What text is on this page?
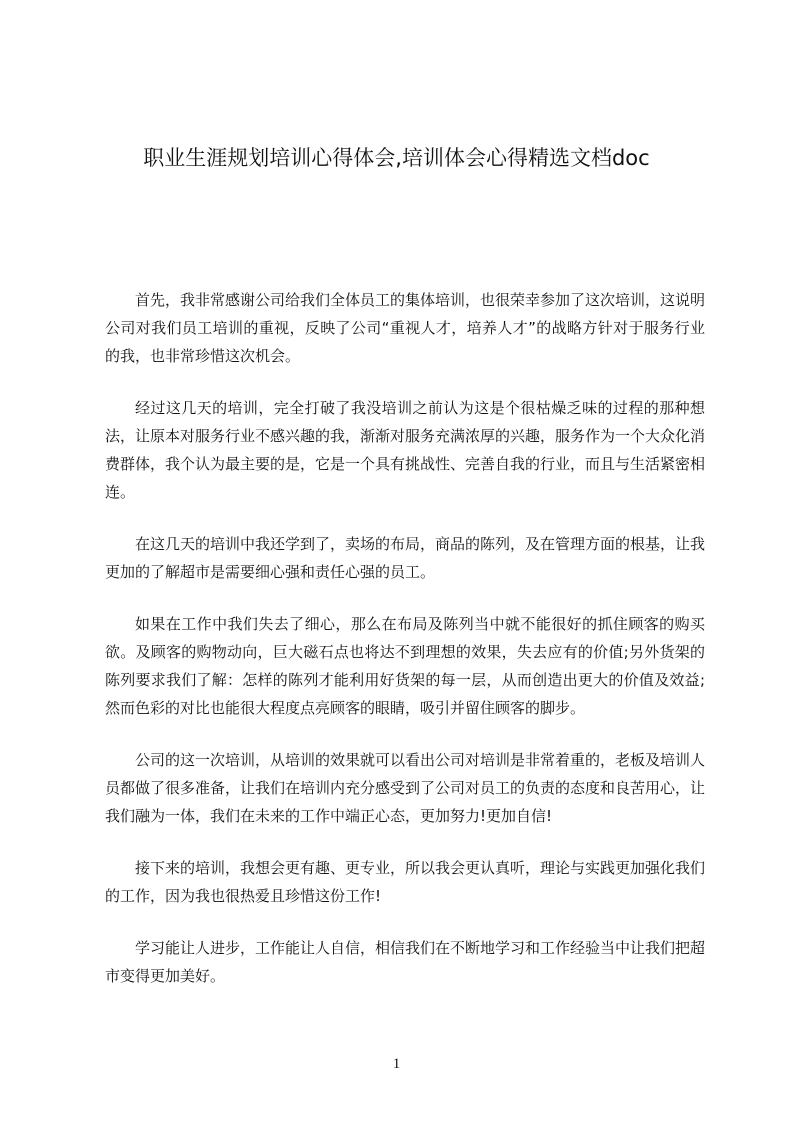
职业生涯规划培训心得体会,培训体会心得精选文档doc

首先，我非常感谢公司给我们全体员工的集体培训，也很荣幸参加了这次培训，这说明公司对我们员工培训的重视，反映了公司“重视人才，培养人才”的战略方针对于服务行业的我，也非常珍惜这次机会。

经过这几天的培训，完全打破了我没培训之前认为这是个很枯燥乏味的过程的那种想法，让原本对服务行业不感兴趣的我，渐渐对服务充满浓厚的兴趣，服务作为一个大众化消费群体，我个认为最主要的是，它是一个具有挑战性、完善自我的行业，而且与生活紧密相连。

在这几天的培训中我还学到了，卖场的布局，商品的陈列，及在管理方面的根基，让我更加的了解超市是需要细心强和责任心强的员工。

如果在工作中我们失去了细心，那么在布局及陈列当中就不能很好的抓住顾客的购买欲。及顾客的购物动向，巨大磁石点也将达不到理想的效果，失去应有的价值;另外货架的陈列要求我们了解：怎样的陈列才能利用好货架的每一层，从而创造出更大的价值及效益;然而色彩的对比也能很大程度点亮顾客的眼睛，吸引并留住顾客的脚步。

公司的这一次培训，从培训的效果就可以看出公司对培训是非常着重的，老板及培训人员都做了很多准备，让我们在培训内充分感受到了公司对员工的负责的态度和良苦用心，让我们融为一体，我们在未来的工作中端正心态，更加努力!更加自信!

接下来的培训，我想会更有趣、更专业，所以我会更认真听，理论与实践更加强化我们的工作，因为我也很热爱且珍惜这份工作!

学习能让人进步，工作能让人自信，相信我们在不断地学习和工作经验当中让我们把超市变得更加美好。

1
